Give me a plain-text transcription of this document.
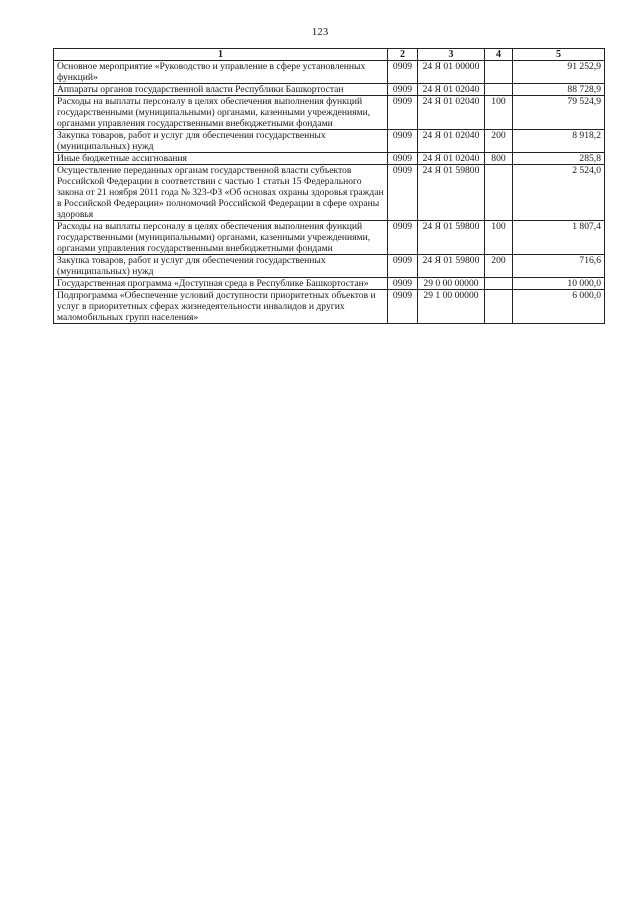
123
1	2	3	4	5
Основное мероприятие «Руководство и управление в сфере установленных функций»	0909	24 Я 01 00000		91 252,9
Аппараты органов государственной власти Республики Башкортостан	0909	24 Я 01 02040		88 728,9
Расходы на выплаты персоналу в целях обеспечения выполнения функций государственными (муниципальными) органами, казенными учреждениями, органами управления государственными внебюджетными фондами	0909	24 Я 01 02040	100	79 524,9
Закупка товаров, работ и услуг для обеспечения государственных (муниципальных) нужд	0909	24 Я 01 02040	200	8 918,2
Иные бюджетные ассигнования	0909	24 Я 01 02040	800	285,8
Осуществление переданных органам государственной власти субъектов Российской Федерации в соответствии с частью 1 статьи 15 Федерального закона от 21 ноября 2011 года № 323-ФЗ «Об основах охраны здоровья граждан в Российской Федерации» полномочий Российской Федерации в сфере охраны здоровья	0909	24 Я 01 59800		2 524,0
Расходы на выплаты персоналу в целях обеспечения выполнения функций государственными (муниципальными) органами, казенными учреждениями, органами управления государственными внебюджетными фондами	0909	24 Я 01 59800	100	1 807,4
Закупка товаров, работ и услуг для обеспечения государственных (муниципальных) нужд	0909	24 Я 01 59800	200	716,6
Государственная программа «Доступная среда в Республике Башкортостан»	0909	29 0 00 00000		10 000,0
Подпрограмма «Обеспечение условий доступности приоритетных объектов и услуг в приоритетных сферах жизнедеятельности инвалидов и других маломобильных групп населения»	0909	29 1 00 00000		6 000,0
